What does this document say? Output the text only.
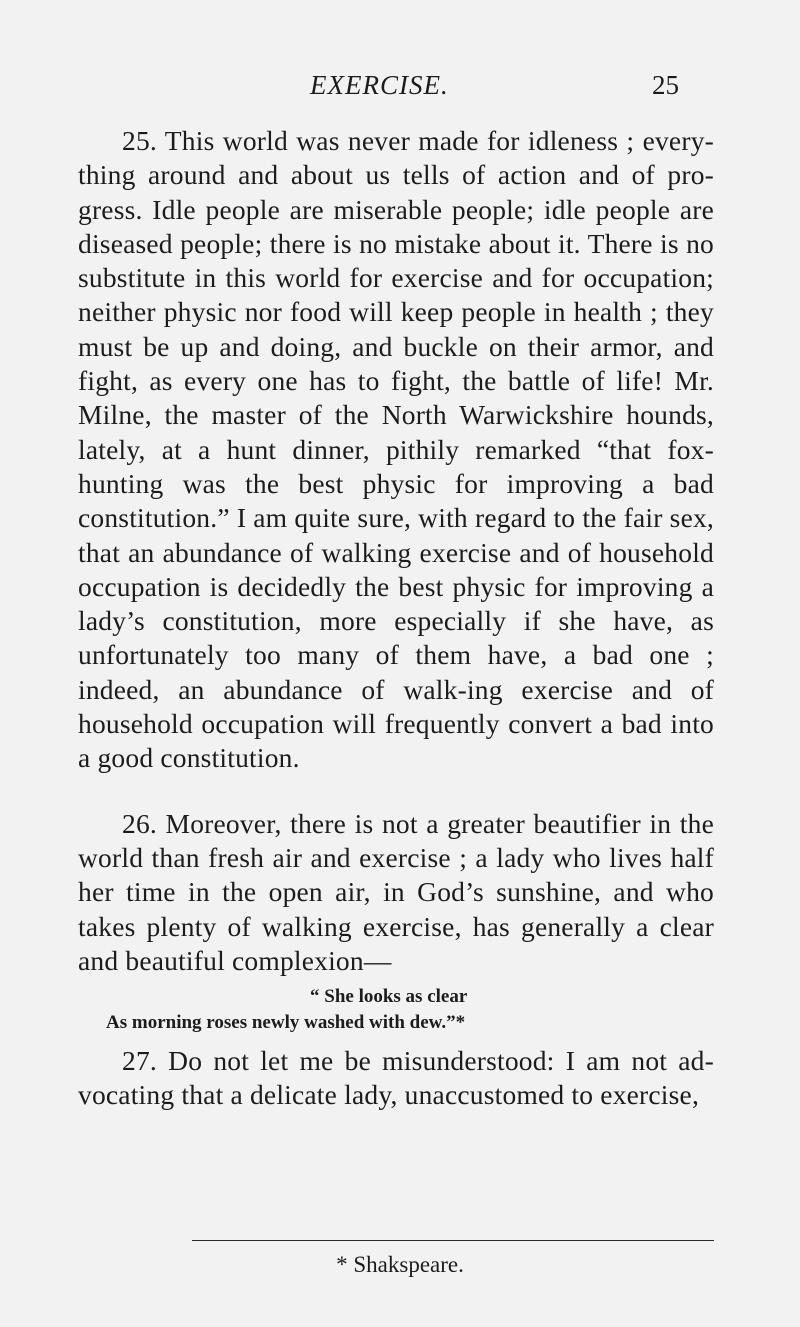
EXERCISE.	25

25. This world was never made for idleness ; every-thing around and about us tells of action and of pro-gress. Idle people are miserable people; idle people are diseased people; there is no mistake about it. There is no substitute in this world for exercise and for occupation; neither physic nor food will keep people in health ; they must be up and doing, and buckle on their armor, and fight, as every one has to fight, the battle of life! Mr. Milne, the master of the North Warwickshire hounds, lately, at a hunt dinner, pithily remarked “that fox-hunting was the best physic for improving a bad constitution.” I am quite sure, with regard to the fair sex, that an abundance of walking exercise and of household occupation is decidedly the best physic for improving a lady’s constitution, more especially if she have, as unfortunately too many of them have, a bad one ; indeed, an abundance of walk-ing exercise and of household occupation will frequently convert a bad into a good constitution.

26. Moreover, there is not a greater beautifier in the world than fresh air and exercise ; a lady who lives half her time in the open air, in God’s sunshine, and who takes plenty of walking exercise, has generally a clear and beautiful complexion—

“ She looks as clear
As morning roses newly washed with dew.”*

27. Do not let me be misunderstood: I am not ad-vocating that a delicate lady, unaccustomed to exercise,

* Shakspeare.
